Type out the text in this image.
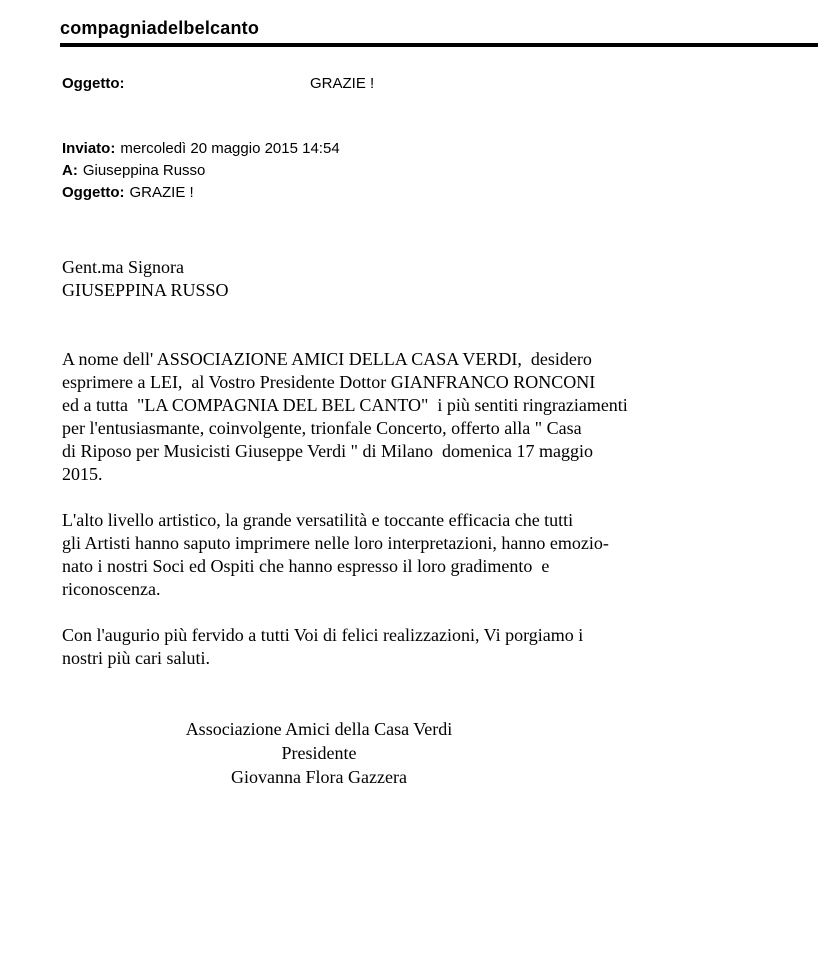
compagniadelbelcanto
Oggetto:	GRAZIE !
Inviato: mercoledì 20 maggio 2015 14:54
A: Giuseppina Russo
Oggetto: GRAZIE !
Gent.ma Signora
GIUSEPPINA RUSSO
A nome dell' ASSOCIAZIONE AMICI DELLA CASA VERDI,  desidero
esprimere a LEI,  al Vostro Presidente Dottor GIANFRANCO RONCONI
ed a tutta  "LA COMPAGNIA DEL BEL CANTO"  i più sentiti ringraziamenti
per l'entusiasmante, coinvolgente, trionfale Concerto, offerto alla " Casa
di Riposo per Musicisti Giuseppe Verdi " di Milano  domenica 17 maggio
2015.
L'alto livello artistico, la grande versatilità e toccante efficacia che tutti
gli Artisti hanno saputo imprimere nelle loro interpretazioni, hanno emozio-
nato i nostri Soci ed Ospiti che hanno espresso il loro gradimento  e
riconoscenza.
Con l'augurio più fervido a tutti Voi di felici realizzazioni, Vi porgiamo i
nostri più cari saluti.
Associazione Amici della Casa Verdi
Presidente
Giovanna Flora Gazzera
